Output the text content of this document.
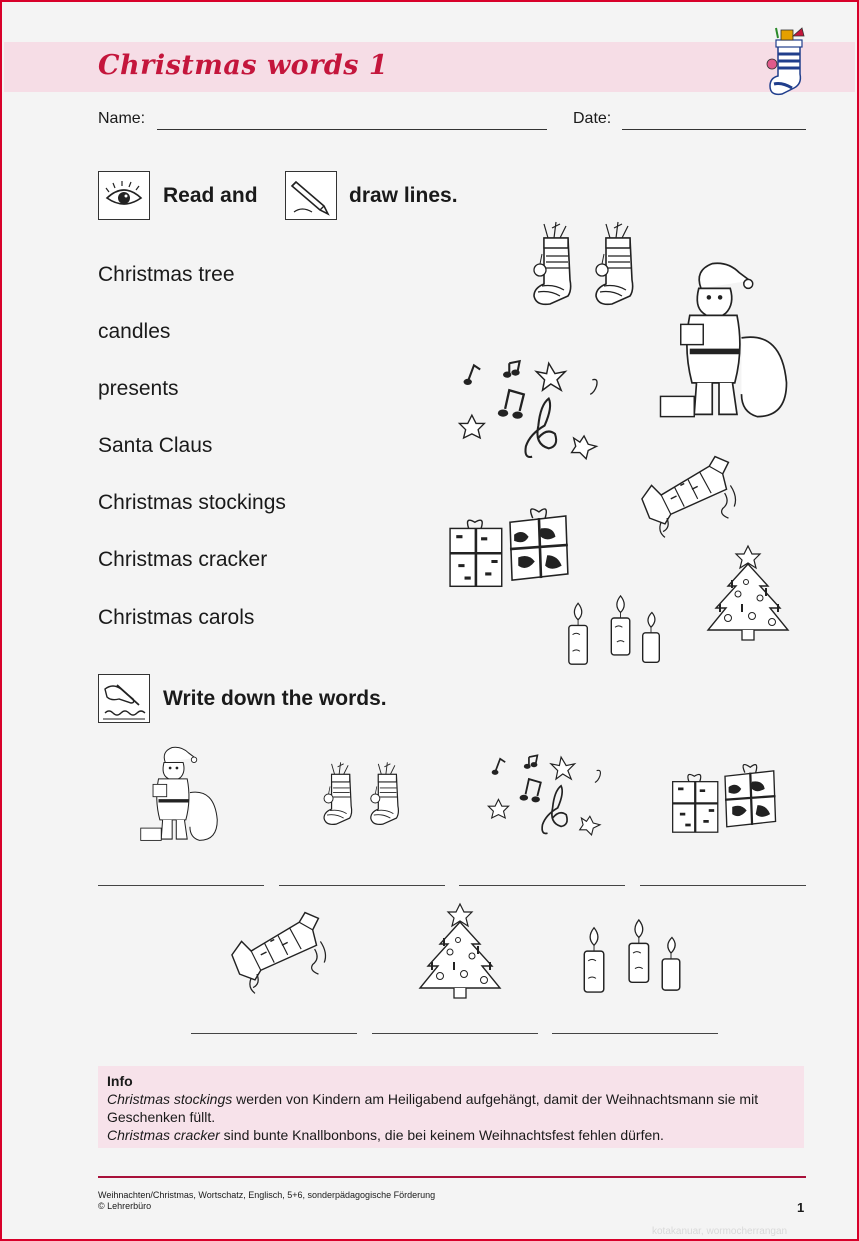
Christmas words 1
Name:	Date:
Read and	draw lines.
Christmas tree
candles
presents
Santa Claus
Christmas stockings
Christmas cracker
Christmas carols
Write down the words.
Info
Christmas stockings werden von Kindern am Heiligabend aufgehängt, damit der Weihnachtsmann sie mit Geschenken füllt.
Christmas cracker sind bunte Knallbonbons, die bei keinem Weihnachtsfest fehlen dürfen.
Weihnachten/Christmas, Wortschatz, Englisch, 5+6, sonderpädagogische Förderung
© Lehrerbüro	1
kotakanuar, wormocherrangan
